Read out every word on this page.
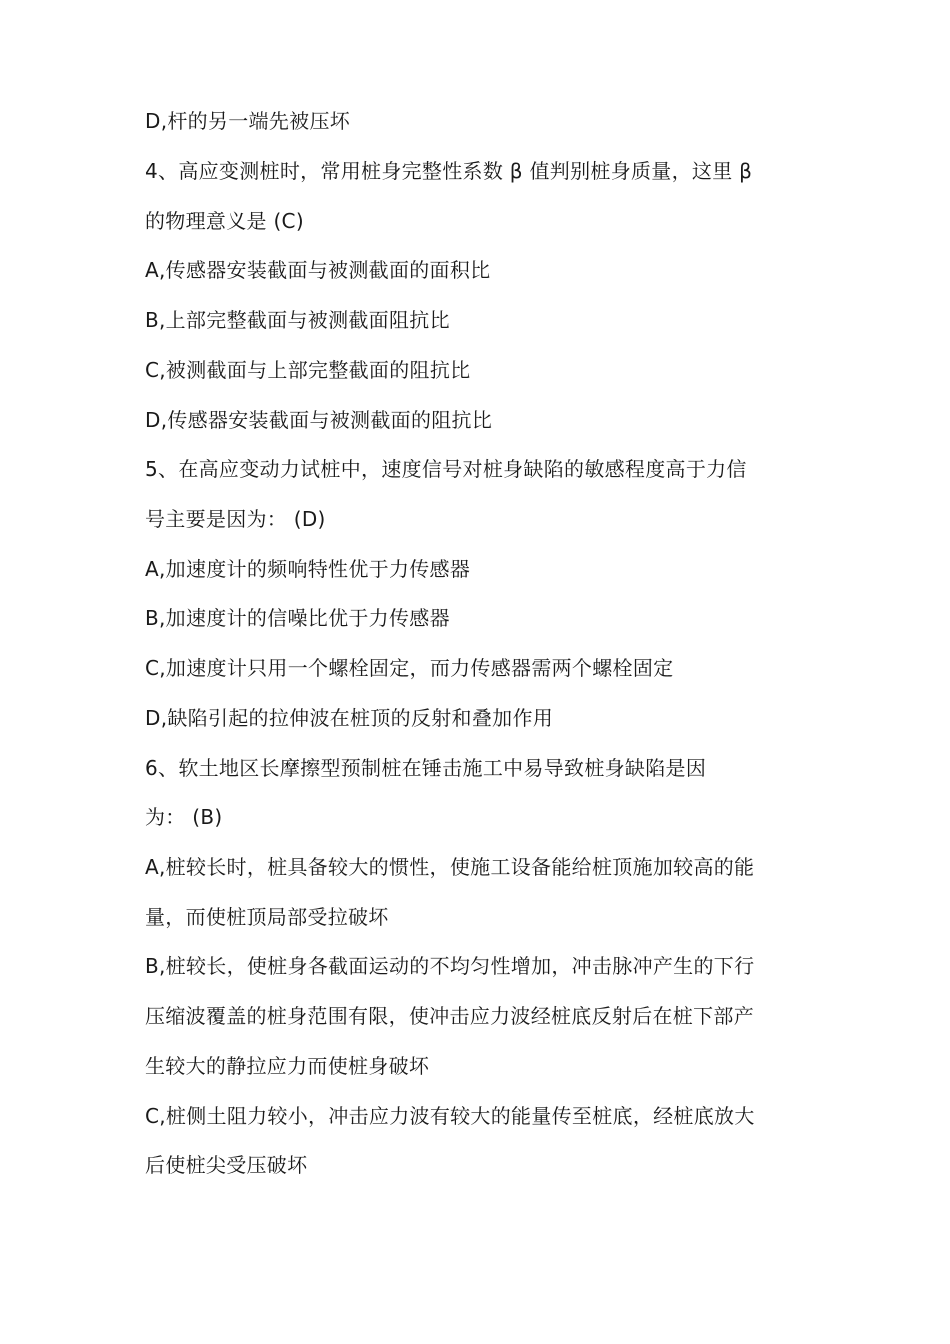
D,杆的另一端先被压坏
4、高应变测桩时，常用桩身完整性系数 β 值判别桩身质量，这里 β
的物理意义是 (C)
A,传感器安装截面与被测截面的面积比
B,上部完整截面与被测截面阻抗比
C,被测截面与上部完整截面的阻抗比
D,传感器安装截面与被测截面的阻抗比
5、在高应变动力试桩中，速度信号对桩身缺陷的敏感程度高于力信
号主要是因为： (D)
A,加速度计的频响特性优于力传感器
B,加速度计的信噪比优于力传感器
C,加速度计只用一个螺栓固定，而力传感器需两个螺栓固定
D,缺陷引起的拉伸波在桩顶的反射和叠加作用
6、软土地区长摩擦型预制桩在锤击施工中易导致桩身缺陷是因
为： (B)
A,桩较长时，桩具备较大的惯性，使施工设备能给桩顶施加较高的能
量，而使桩顶局部受拉破坏
B,桩较长，使桩身各截面运动的不均匀性增加，冲击脉冲产生的下行
压缩波覆盖的桩身范围有限，使冲击应力波经桩底反射后在桩下部产
生较大的静拉应力而使桩身破坏
C,桩侧土阻力较小，冲击应力波有较大的能量传至桩底，经桩底放大
后使桩尖受压破坏
